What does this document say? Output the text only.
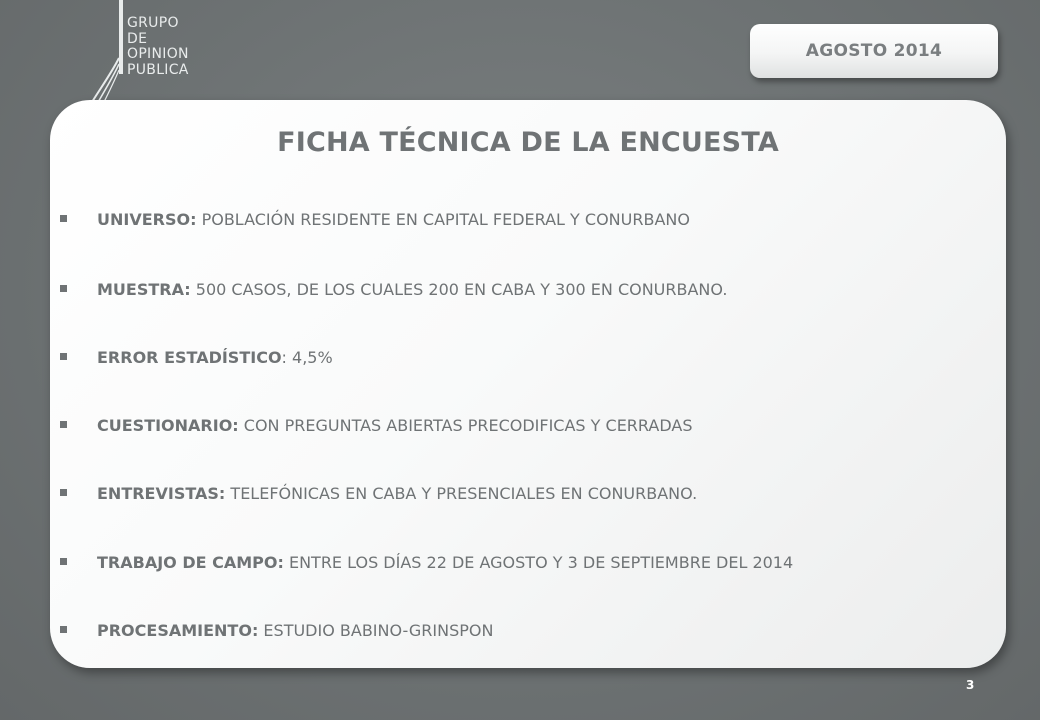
GRUPO
DE
OPINION
PUBLICA
AGOSTO 2014
FICHA TÉCNICA DE LA ENCUESTA
UNIVERSO: POBLACIÓN RESIDENTE EN CAPITAL FEDERAL Y CONURBANO
MUESTRA: 500 CASOS, DE LOS CUALES 200 EN CABA Y 300 EN CONURBANO.
ERROR ESTADÍSTICO: 4,5%
CUESTIONARIO: CON PREGUNTAS ABIERTAS PRECODIFICAS Y CERRADAS
ENTREVISTAS: TELEFÓNICAS EN CABA Y PRESENCIALES EN CONURBANO.
TRABAJO DE CAMPO: ENTRE LOS DÍAS 22 DE AGOSTO Y 3 DE SEPTIEMBRE DEL 2014
PROCESAMIENTO: ESTUDIO BABINO-GRINSPON
3
